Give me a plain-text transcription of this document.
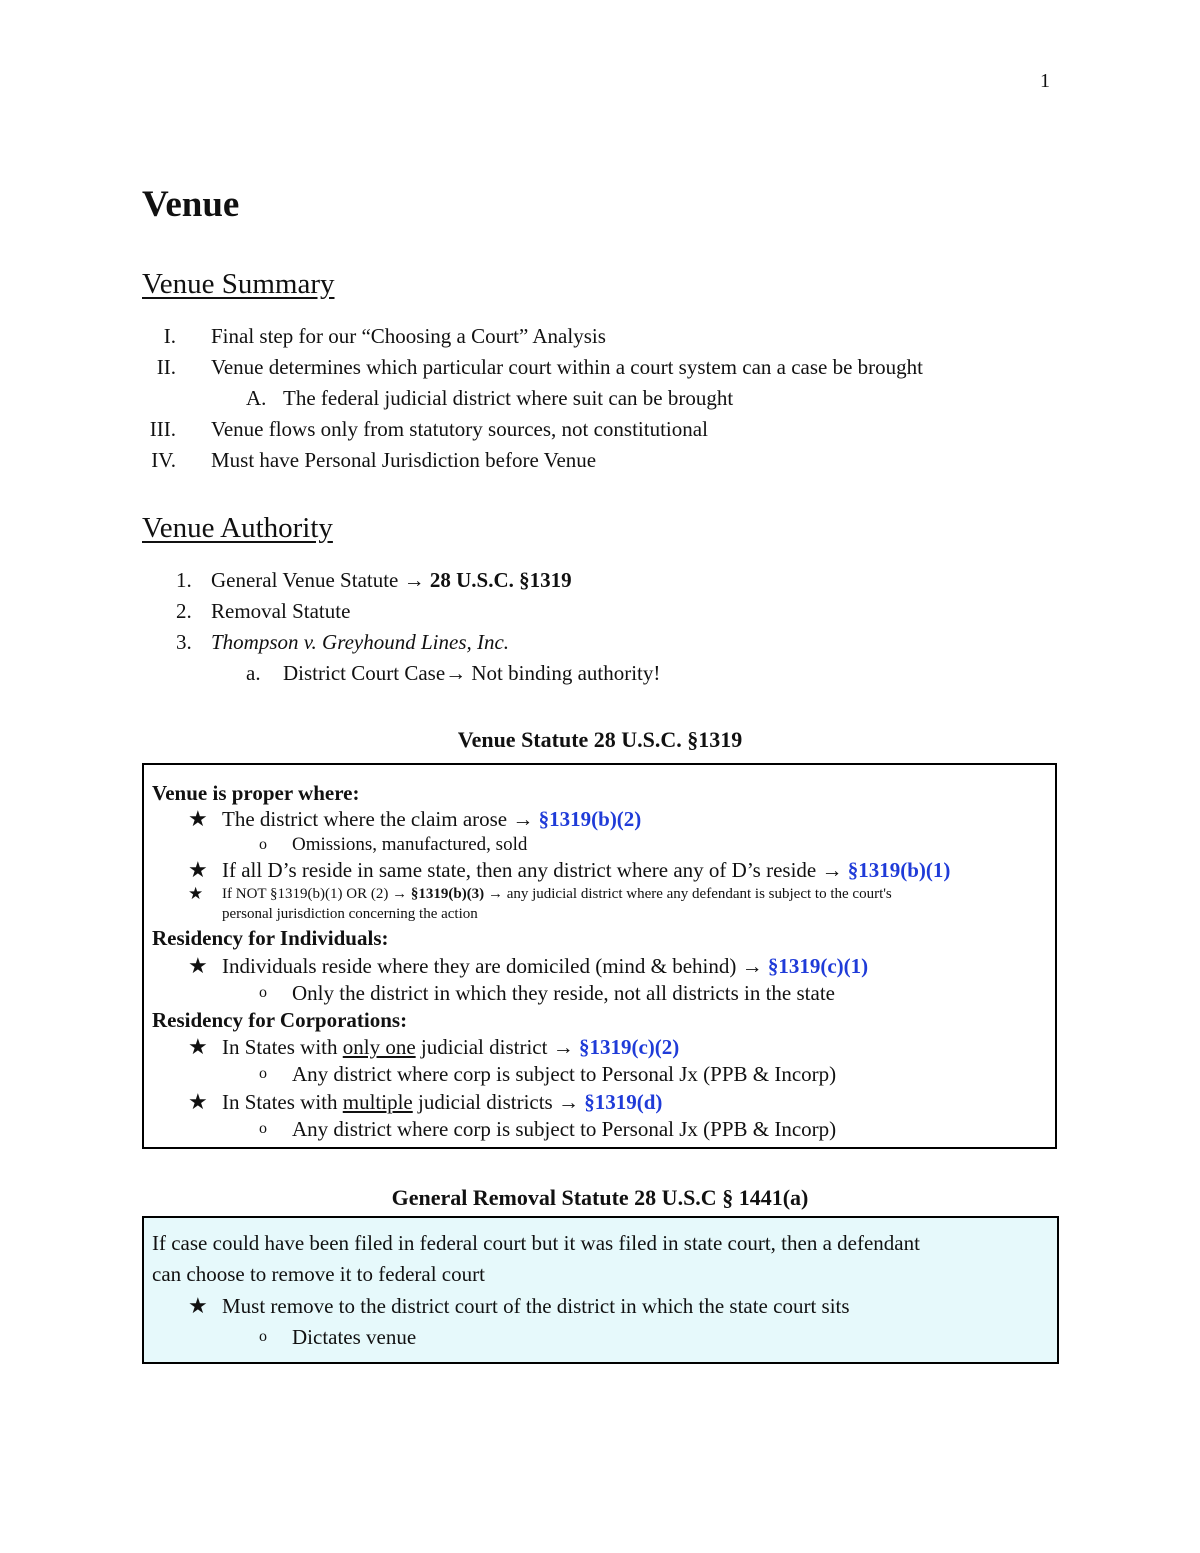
1
Venue
Venue Summary
I. Final step for our “Choosing a Court” Analysis
II. Venue determines which particular court within a court system can a case be brought
A. The federal judicial district where suit can be brought
III. Venue flows only from statutory sources, not constitutional
IV. Must have Personal Jurisdiction before Venue
Venue Authority
1. General Venue Statute → 28 U.S.C. §1319
2. Removal Statute
3. Thompson v. Greyhound Lines, Inc.
a. District Court Case→ Not binding authority!
Venue Statute 28 U.S.C. §1319
Venue is proper where:
★ The district where the claim arose → §1319(b)(2)
o Omissions, manufactured, sold
★ If all D’s reside in same state, then any district where any of D’s reside → §1319(b)(1)
★ If NOT §1319(b)(1) OR (2) → §1319(b)(3) → any judicial district where any defendant is subject to the court's
personal jurisdiction concerning the action
Residency for Individuals:
★ Individuals reside where they are domiciled (mind & behind) → §1319(c)(1)
o Only the district in which they reside, not all districts in the state
Residency for Corporations:
★ In States with only one judicial district → §1319(c)(2)
o Any district where corp is subject to Personal Jx (PPB & Incorp)
★ In States with multiple judicial districts → §1319(d)
o Any district where corp is subject to Personal Jx (PPB & Incorp)
General Removal Statute 28 U.S.C § 1441(a)
If case could have been filed in federal court but it was filed in state court, then a defendant
can choose to remove it to federal court
★ Must remove to the district court of the district in which the state court sits
o Dictates venue
